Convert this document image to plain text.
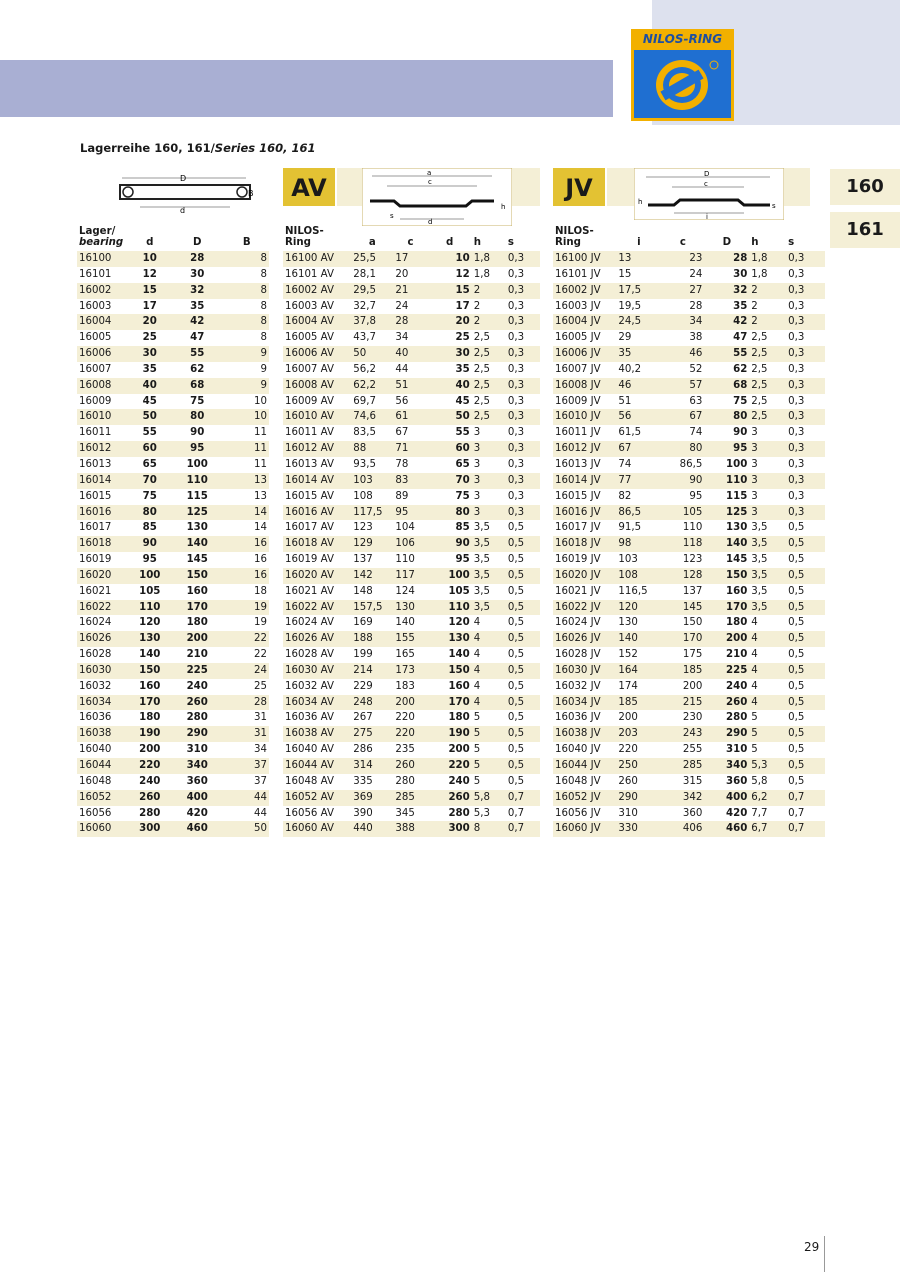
NILOS-RING
Lagerreihe 160, 161/Series 160, 161
160
161
D
B
d
AV
a
c
h
s
d
JV	D
c
h	s
i
Lager/
bearing	d	D	B
16100	10	28	8
16101	12	30	8
16002	15	32	8
16003	17	35	8
16004	20	42	8
16005	25	47	8
16006	30	55	9
16007	35	62	9
16008	40	68	9
16009	45	75	10
16010	50	80	10
16011	55	90	11
16012	60	95	11
16013	65	100	11
16014	70	110	13
16015	75	115	13
16016	80	125	14
16017	85	130	14
16018	90	140	16
16019	95	145	16
16020	100	150	16
16021	105	160	18
16022	110	170	19
16024	120	180	19
16026	130	200	22
16028	140	210	22
16030	150	225	24
16032	160	240	25
16034	170	260	28
16036	180	280	31
16038	190	290	31
16040	200	310	34
16044	220	340	37
16048	240	360	37
16052	260	400	44
16056	280	420	44
16060	300	460	50
NILOS-
Ring	a	c	d	h	s
16100 AV	25,5	17	10	1,8	0,3
16101 AV	28,1	20	12	1,8	0,3
16002 AV	29,5	21	15	2	0,3
16003 AV	32,7	24	17	2	0,3
16004 AV	37,8	28	20	2	0,3
16005 AV	43,7	34	25	2,5	0,3
16006 AV	50	40	30	2,5	0,3
16007 AV	56,2	44	35	2,5	0,3
16008 AV	62,2	51	40	2,5	0,3
16009 AV	69,7	56	45	2,5	0,3
16010 AV	74,6	61	50	2,5	0,3
16011 AV	83,5	67	55	3	0,3
16012 AV	88	71	60	3	0,3
16013 AV	93,5	78	65	3	0,3
16014 AV	103	83	70	3	0,3
16015 AV	108	89	75	3	0,3
16016 AV	117,5	95	80	3	0,3
16017 AV	123	104	85	3,5	0,5
16018 AV	129	106	90	3,5	0,5
16019 AV	137	110	95	3,5	0,5
16020 AV	142	117	100	3,5	0,5
16021 AV	148	124	105	3,5	0,5
16022 AV	157,5	130	110	3,5	0,5
16024 AV	169	140	120	4	0,5
16026 AV	188	155	130	4	0,5
16028 AV	199	165	140	4	0,5
16030 AV	214	173	150	4	0,5
16032 AV	229	183	160	4	0,5
16034 AV	248	200	170	4	0,5
16036 AV	267	220	180	5	0,5
16038 AV	275	220	190	5	0,5
16040 AV	286	235	200	5	0,5
16044 AV	314	260	220	5	0,5
16048 AV	335	280	240	5	0,5
16052 AV	369	285	260	5,8	0,7
16056 AV	390	345	280	5,3	0,7
16060 AV	440	388	300	8	0,7
NILOS-
Ring	i	c	D	h	s
16100 JV	13	23	28	1,8	0,3
16101 JV	15	24	30	1,8	0,3
16002 JV	17,5	27	32	2	0,3
16003 JV	19,5	28	35	2	0,3
16004 JV	24,5	34	42	2	0,3
16005 JV	29	38	47	2,5	0,3
16006 JV	35	46	55	2,5	0,3
16007 JV	40,2	52	62	2,5	0,3
16008 JV	46	57	68	2,5	0,3
16009 JV	51	63	75	2,5	0,3
16010 JV	56	67	80	2,5	0,3
16011 JV	61,5	74	90	3	0,3
16012 JV	67	80	95	3	0,3
16013 JV	74	86,5	100	3	0,3
16014 JV	77	90	110	3	0,3
16015 JV	82	95	115	3	0,3
16016 JV	86,5	105	125	3	0,3
16017 JV	91,5	110	130	3,5	0,5
16018 JV	98	118	140	3,5	0,5
16019 JV	103	123	145	3,5	0,5
16020 JV	108	128	150	3,5	0,5
16021 JV	116,5	137	160	3,5	0,5
16022 JV	120	145	170	3,5	0,5
16024 JV	130	150	180	4	0,5
16026 JV	140	170	200	4	0,5
16028 JV	152	175	210	4	0,5
16030 JV	164	185	225	4	0,5
16032 JV	174	200	240	4	0,5
16034 JV	185	215	260	4	0,5
16036 JV	200	230	280	5	0,5
16038 JV	203	243	290	5	0,5
16040 JV	220	255	310	5	0,5
16044 JV	250	285	340	5,3	0,5
16048 JV	260	315	360	5,8	0,5
16052 JV	290	342	400	6,2	0,7
16056 JV	310	360	420	7,7	0,7
16060 JV	330	406	460	6,7	0,7
29
